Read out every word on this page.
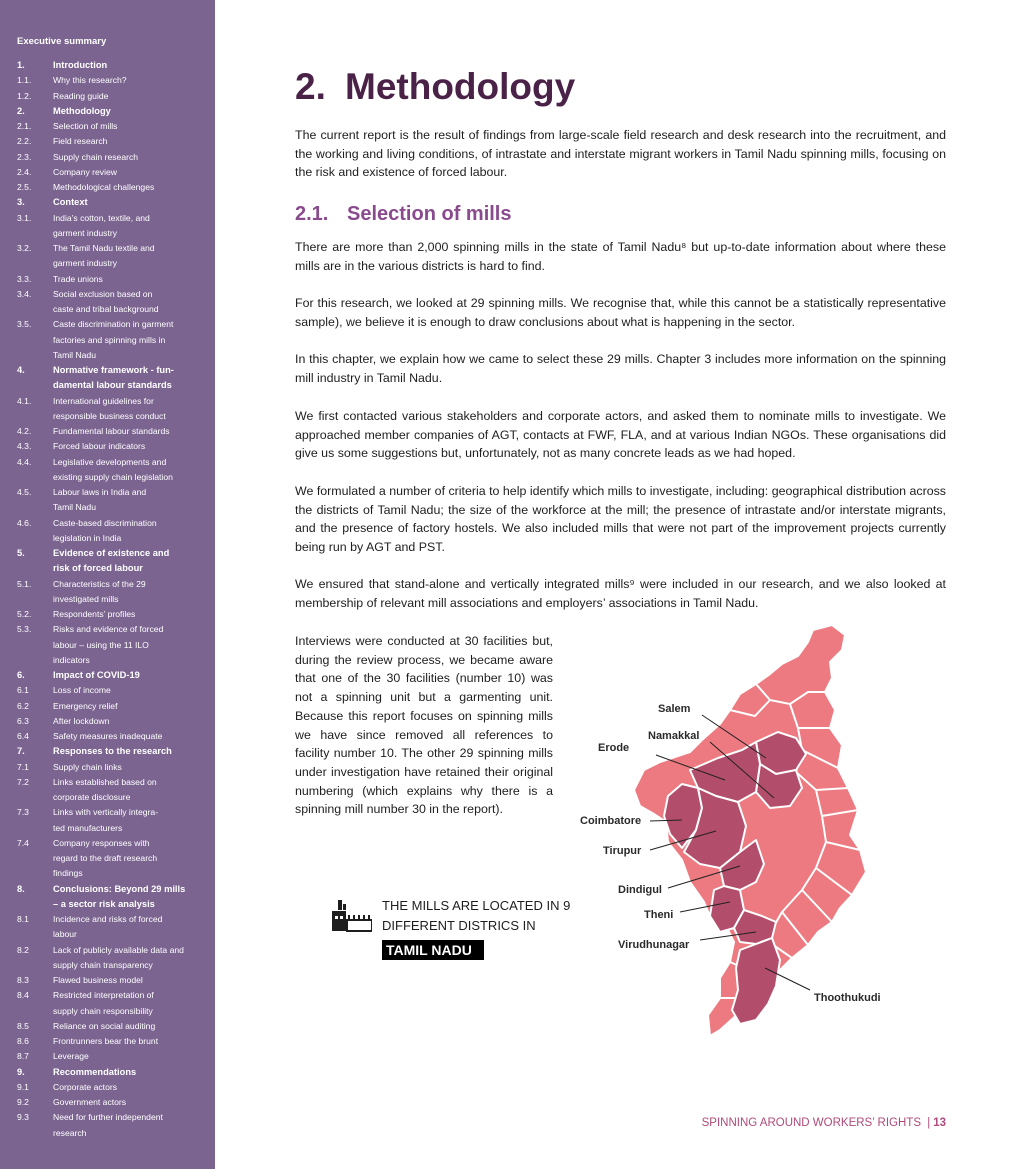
Executive summary
1.	Introduction
1.1.	Why this research?
1.2.	Reading guide
2.	Methodology
2.1.	Selection of mills
2.2.	Field research
2.3.	Supply chain research
2.4.	Company review
2.5.	Methodological challenges
3.	Context
3.1.	India’s cotton, textile, and
garment industry
3.2.	The Tamil Nadu textile and
garment industry
3.3.	Trade unions
3.4.	Social exclusion based on
caste and tribal background
3.5.	Caste discrimination in garment
factories and spinning mills in
Tamil Nadu
4.	Normative framework - fun-
damental labour standards
4.1.	International guidelines for
responsible business conduct
4.2.	Fundamental labour standards
4.3.	Forced labour indicators
4.4.	Legislative developments and
existing supply chain legislation
4.5.	Labour laws in India and
Tamil Nadu
4.6.	Caste-based discrimination
legislation in India
5.	Evidence of existence and
risk of forced labour
5.1.	Characteristics of the 29
investigated mills
5.2.	Respondents’ profiles
5.3.	Risks and evidence of forced
labour – using the 11 ILO
indicators
6.	Impact of COVID-19
6.1	Loss of income
6.2	Emergency relief
6.3	After lockdown
6.4	Safety measures inadequate
7.	Responses to the research
7.1	Supply chain links
7.2	Links established based on
corporate disclosure
7.3	Links with vertically integra-
ted manufacturers
7.4	Company responses with
regard to the draft research
findings
8.	Conclusions: Beyond 29 mills
– a sector risk analysis
8.1	Incidence and risks of forced
labour
8.2	Lack of publicly available data and
supply chain transparency
8.3	Flawed business model
8.4	Restricted interpretation of
supply chain responsibility
8.5	Reliance on social auditing
8.6	Frontrunners bear the brunt
8.7	Leverage
9.	Recommendations
9.1	Corporate actors
9.2	Government actors
9.3	Need for further independent
research
2. Methodology

The current report is the result of findings from large-scale field research and desk research into the recruitment, and the working and living conditions, of intrastate and interstate migrant workers in Tamil Nadu spinning mills, focusing on the risk and existence of forced labour.

2.1. Selection of mills

There are more than 2,000 spinning mills in the state of Tamil Nadu⁸ but up-to-date information about where these mills are in the various districts is hard to find.

For this research, we looked at 29 spinning mills. We recognise that, while this cannot be a statistically representative sample), we believe it is enough to draw conclusions about what is happening in the sector.

In this chapter, we explain how we came to select these 29 mills. Chapter 3 includes more information on the spinning mill industry in Tamil Nadu.

We first contacted various stakeholders and corporate actors, and asked them to nominate mills to investigate. We approached member companies of AGT, contacts at FWF, FLA, and at various Indian NGOs. These organisations did give us some suggestions but, unfortunately, not as many concrete leads as we had hoped.

We formulated a number of criteria to help identify which mills to investigate, including: geographical distribution across the districts of Tamil Nadu; the size of the workforce at the mill; the presence of intrastate and/or interstate migrants, and the presence of factory hostels. We also included mills that were not part of the improvement projects currently being run by AGT and PST.

We ensured that stand-alone and vertically integrated mills⁹ were included in our research, and we also looked at membership of relevant mill associations and employers’ associations in Tamil Nadu.

Interviews were conducted at 30 facilities but, during the review process, we became aware that one of the 30 facilities (number 10) was not a spinning unit but a garmenting unit. Because this report focuses on spinning mills we have since removed all references to facility number 10. The other 29 spinning mills under investigation have retained their original numbering (which explains why there is a spinning mill number 30 in the report).

THE MILLS ARE LOCATED IN 9
DIFFERENT DISTRICS IN
TAMIL NADU
Salem
Namakkal
Erode
Coimbatore
Tirupur
Dindigul
Theni
Virudhunagar
Thoothukudi
SPINNING AROUND WORKERS’ RIGHTS | 13
